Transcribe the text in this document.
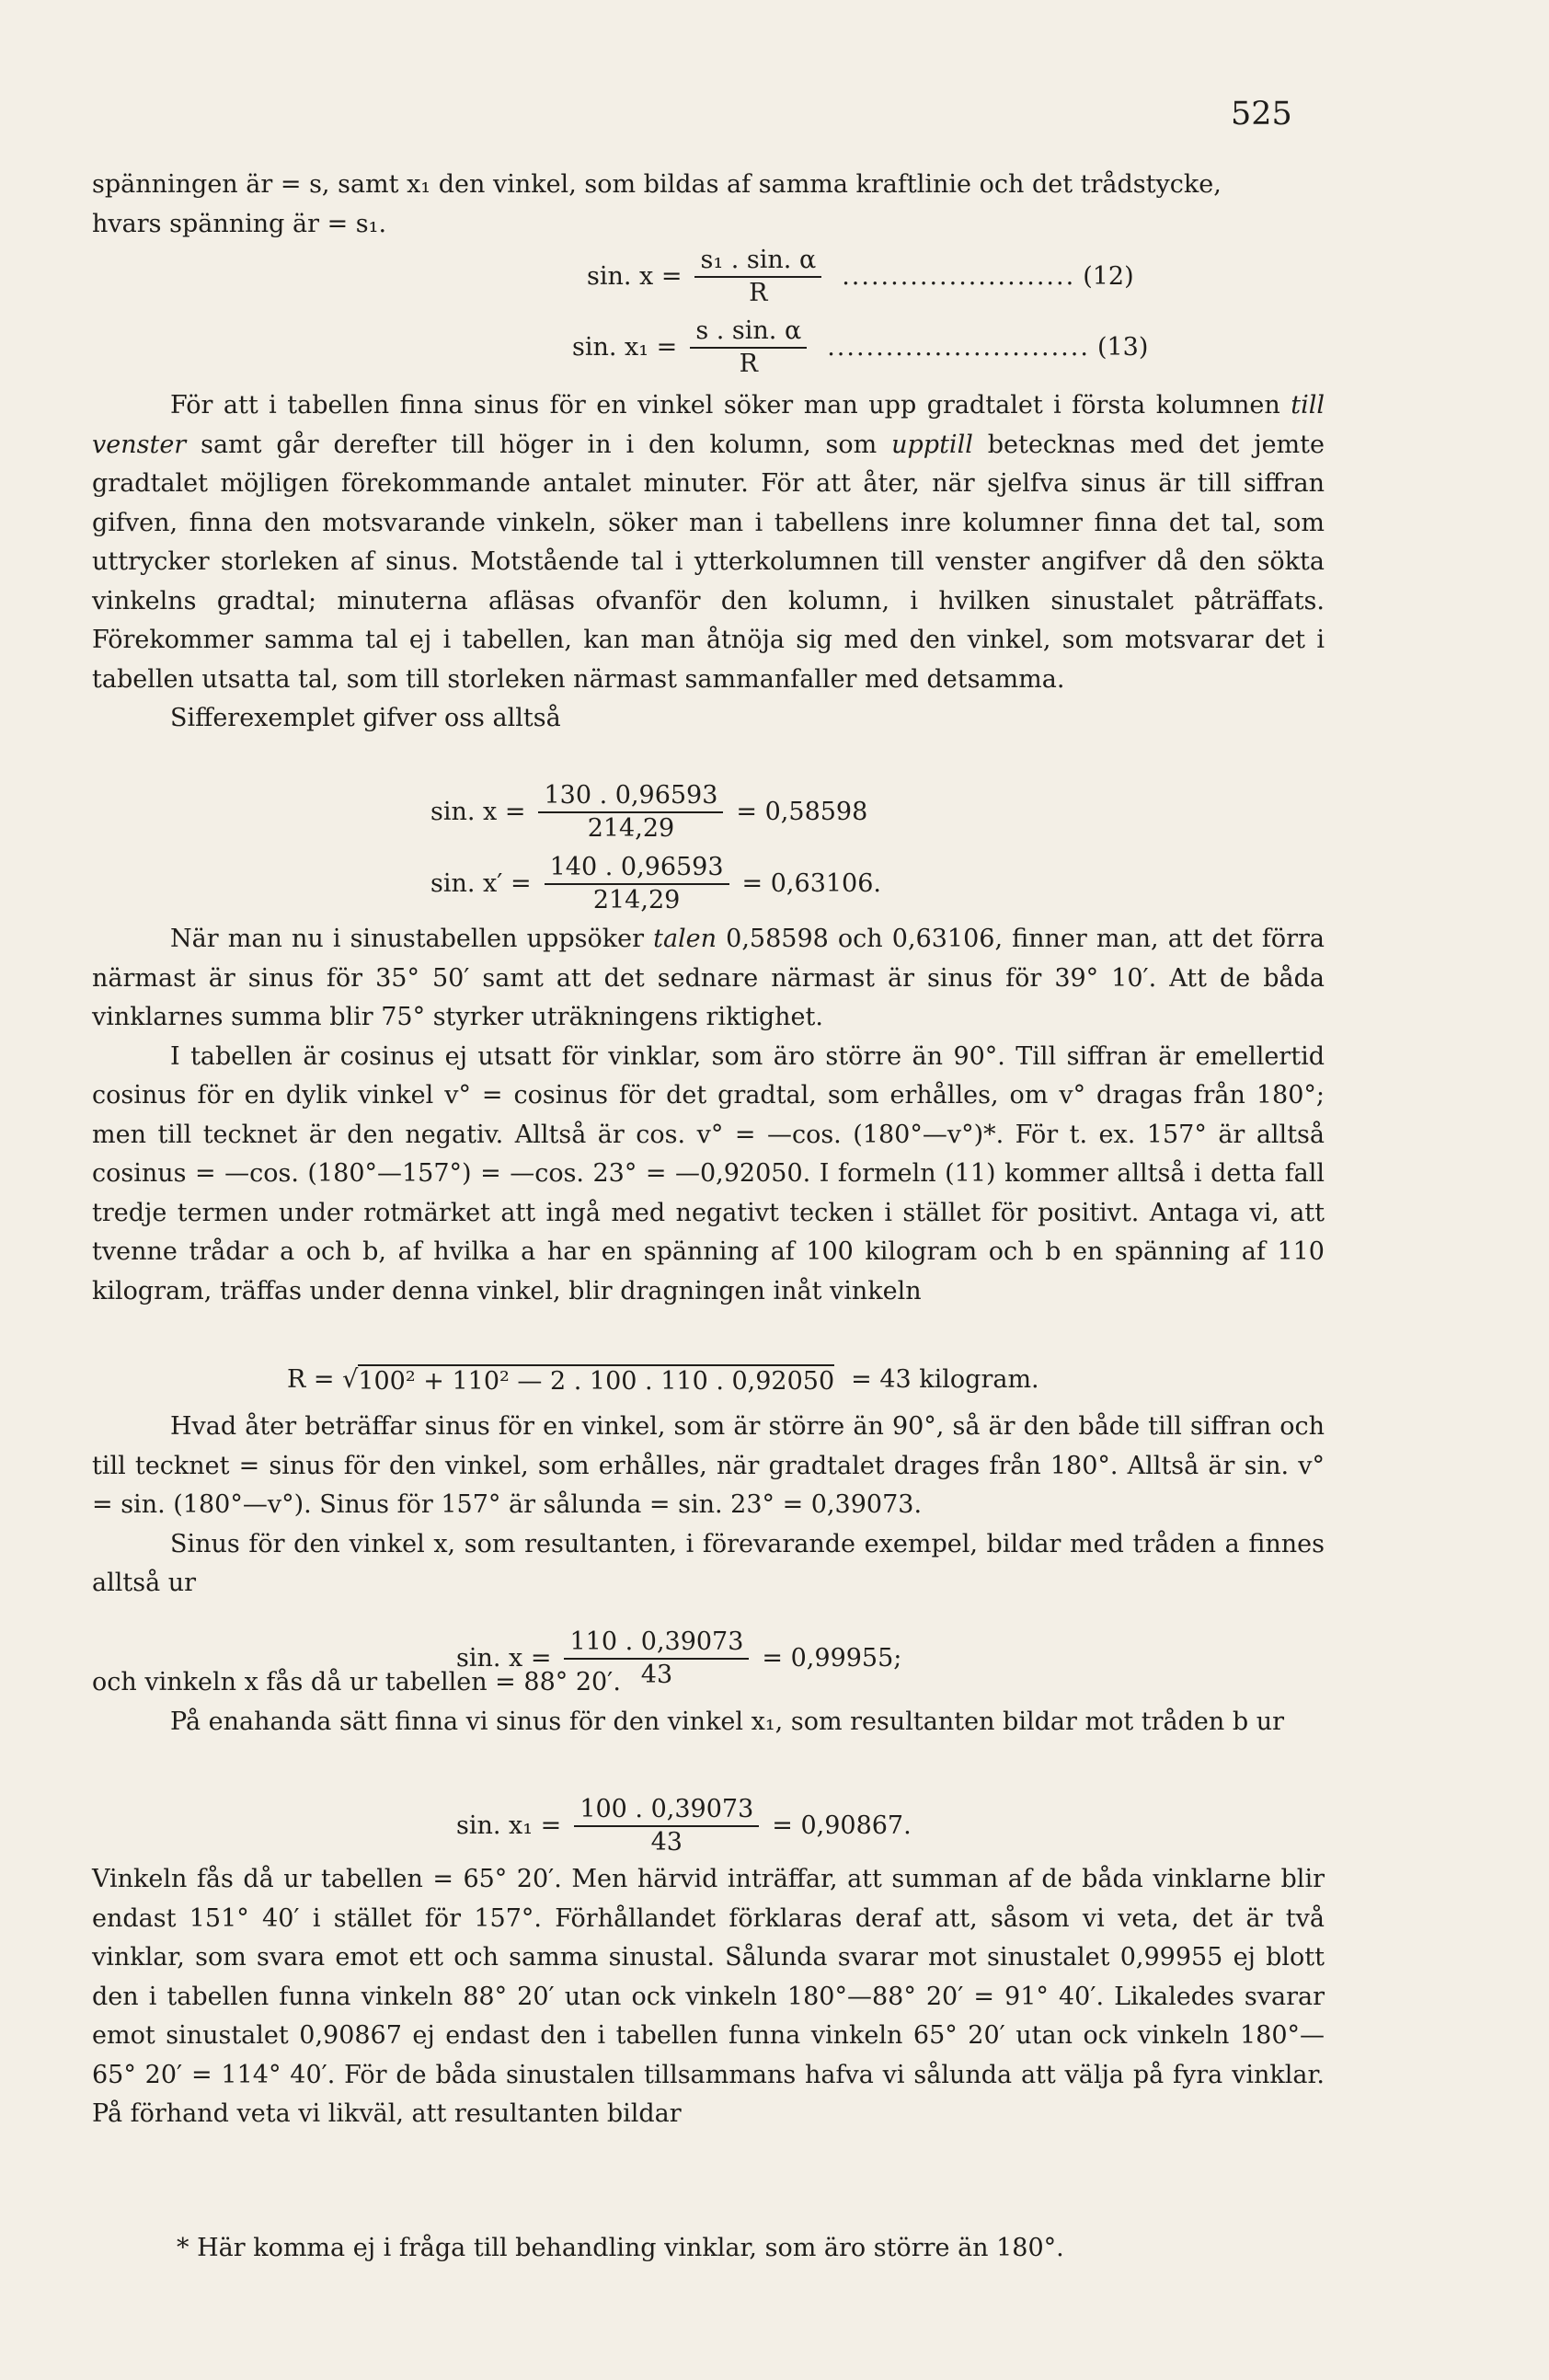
525

spänningen är = s, samt x₁ den vinkel, som bildas af samma kraftlinie och det trådstycke,

hvars spänning är = s₁.

sin. $x = \frac{\text{s₁ . sin. α}}{R}$ ........................ (12)
sin. $x_1 = \frac{s . \sin. \alpha}{R}$ ........................... (13)

För att i tabellen finna sinus för en vinkel söker man upp gradtalet i första kolumnen till venster samt går derefter till höger in i den kolumn, som upptill betecknas med det jemte gradtalet möjligen förekommande antalet minuter. För att åter, när sjelfva sinus är till siffran gifven, finna den motsvarande vinkeln, söker man i tabellens inre kolumner finna det tal, som uttrycker storleken af sinus. Motstående tal i ytterkolumnen till venster angifver då den sökta vinkelns gradtal; minuterna afläsas ofvanför den kolumn, i hvilken sinustalet påträffats. Förekommer samma tal ej i tabellen, kan man åtnöja sig med den vinkel, som motsvarar det i tabellen utsatta tal, som till storleken närmast sammanfaller med detsamma.

Sifferexemplet gifver oss alltså

sin. $x = \frac{130 . 0,96593}{214,29} = 0,58598$
sin. $x' = \frac{140 . 0,96593}{214,29} = 0,63106$.

När man nu i sinustabellen uppsöker talen 0,58598 och 0,63106, finner man, att det förra närmast är sinus för 35° 50′ samt att det sednare närmast är sinus för 39° 10′. Att de båda vinklarnes summa blir 75° styrker uträkningens riktighet.

I tabellen är cosinus ej utsatt för vinklar, som äro större än 90°. Till siffran är emellertid cosinus för en dylik vinkel v° = cosinus för det gradtal, som erhålles, om v° dragas från 180°; men till tecknet är den negativ. Alltså är cos. v° = —cos. (180°—v°)*. För t. ex. 157° är alltså cosinus = —cos. (180°—157°) = —cos. 23° = —0,92050. I formeln (11) kommer alltså i detta fall tredje termen under rotmärket att ingå med negativt tecken i stället för positivt. Antaga vi, att tvenne trådar a och b, af hvilka a har en spänning af 100 kilogram och b en spänning af 110 kilogram, träffas under denna vinkel, blir dragningen inåt vinkeln

R = √ 100² + 110² — 2 . 100 . 110 . 0,92050 = 43 kilogram.

Hvad åter beträffar sinus för en vinkel, som är större än 90°, så är den både till siffran och till tecknet = sinus för den vinkel, som erhålles, när gradtalet drages från 180°. Alltså är sin. v° = sin. (180°—v°). Sinus för 157° är sålunda = sin. 23° = 0,39073.

Sinus för den vinkel x, som resultanten, i förevarande exempel, bildar med tråden a finnes alltså ur

sin. $x = \frac{110 . 0,39073}{43} = 0,99955$;

och vinkeln x fås då ur tabellen = 88° 20′.

På enahanda sätt finna vi sinus för den vinkel x₁, som resultanten bildar mot tråden b ur

sin. $x_1 = \frac{100 . 0,39073}{43} = 0,90867$.

Vinkeln fås då ur tabellen = 65° 20′. Men härvid inträffar, att summan af de båda vinklarne blir endast 151° 40′ i stället för 157°. Förhållandet förklaras deraf att, såsom vi veta, det är två vinklar, som svara emot ett och samma sinustal. Sålunda svarar mot sinustalet 0,99955 ej blott den i tabellen funna vinkeln 88° 20′ utan ock vinkeln 180°—88° 20′ = 91° 40′. Likaledes svarar emot sinustalet 0,90867 ej endast den i tabellen funna vinkeln 65° 20′ utan ock vinkeln 180°—65° 20′ = 114° 40′. För de båda sinustalen tillsammans hafva vi sålunda att välja på fyra vinklar. På förhand veta vi likväl, att resultanten bildar

* Här komma ej i fråga till behandling vinklar, som äro större än 180°.
